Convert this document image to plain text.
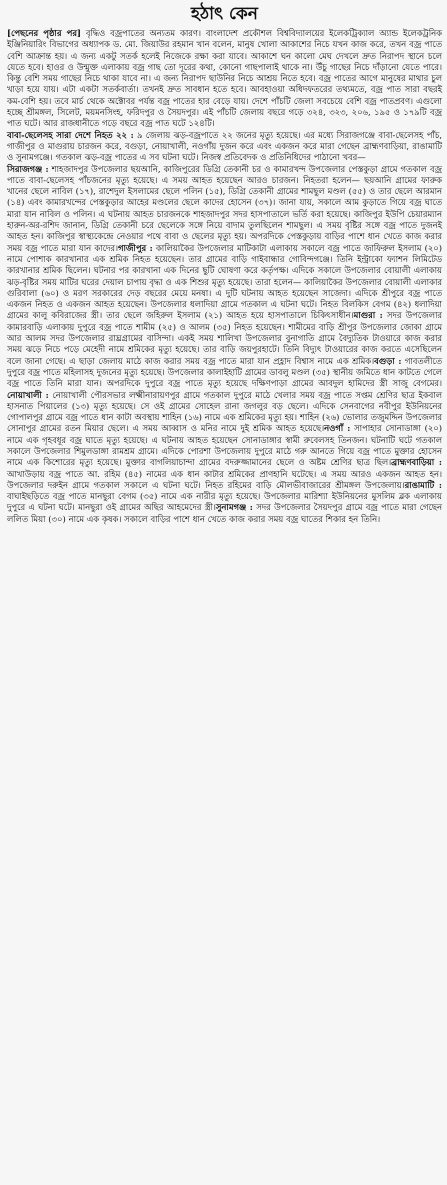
হঠাৎ কেন

[পেছনের পৃষ্ঠার পর] বৃদ্ধিও বজ্রপাতের অন্যতম কারণ। বাংলাদেশ প্রকৌশল বিশ্ববিদ্যালয়ের ইলেকট্রিক্যাল অ্যান্ড ইলেকট্রনিক ইঞ্জিনিয়ারিং বিভাগের অধ্যাপক ড. মো. জিয়াউর রহমান খান বলেন, মানুষ খোলা আকাশের নিচে যখন কাজ করে, তখন বজ্র পাতে বেশি আক্রান্ত হয়। এ জন্য একটু সতর্ক হলেই নিজেকে রক্ষা করা যাবে। আকাশে ঘন কালো মেঘ দেখলে দ্রুত নিরাপদ স্থানে চলে যেতে হবে। হাওর ও উন্মুক্ত এলাকায় বজ্র গাছ তো দূরের কথা, কোনো গাছপালাই থাকে না। উঁচু গাছের নিচে দাঁড়ানো যেতে পারে। কিন্তু বেশি সময় গাছের নিচে থাকা যাবে না। এ জন্য নিরাপদ ছাউনির নিচে আশ্রয় নিতে হবে। বজ্র পাতের আগে মানুষের মাথার চুল খাড়া হয়ে যায়। এটা একটা সতর্কবার্তা। তখনই দ্রুত সাবধান হতে হবে। আবহাওয়া অধিদফতরের তথ্যমতে, বজ্র পাত সারা বছরই কম-বেশি হয়। তবে মার্চ থেকে অক্টোবর পর্যন্ত বজ্র পাতের হার বেড়ে যায়। দেশে পাঁচটি জেলা সবচেয়ে বেশি বজ্র পাতপ্রবণ। এগুলো হচ্ছে শ্রীমঙ্গল, সিলেট, ময়মনসিংহ, ফরিদপুর ও সৈয়দপুর। এই পাঁচটি জেলায় বছরে গড়ে ৩২৪, ৩২৩, ২০৬, ১৯৫ ও ১৭৯টি বজ্র পাত ঘটে। আর রাজধানীতে গড়ে বছরে বজ্র পাত ঘটে ১২৪টি।

বাবা-ছেলেসহ সারা দেশে নিহত ২২ : ৯ জেলায় ঝড়-বজ্রপাতে ২২ জনের মৃত্যু হয়েছে। এর মধ্যে সিরাজগঞ্জে বাবা-ছেলেসহ পাঁচ, গাজীপুর ও মাগুরায় চারজন করে, বগুড়া, নোয়াখালী, নওগাঁয় দুজন করে এবং একজন করে মারা গেছেন ব্রাহ্মণবাড়িয়া, রাঙামাটি ও সুনামগঞ্জে। গতকাল ঝড়-বজ্র পাতের এ সব ঘটনা ঘটে। নিজস্ব প্রতিবেদক ও প্রতিনিধিদের পাঠানো খবর—

সিরাজগঞ্জ : শাহজাদপুর উপজেলার ছয়আনি, কাজিপুরের ডিগ্রি তেকানী চর ও কামারখন্দ উপজেলার পেস্তকুড়া গ্রামে গতকাল বজ্র পাতে বাবা-ছেলেসহ পাঁচজনের মৃত্যু হয়েছে। এ সময় আহত হয়েছেন আরও চারজন। নিহতরা হলেন— ছয়আনি গ্রামের ফারুক খানের ছেলে নাবিল (১৭), রাশেদুল ইসলামের ছেলে পলিন (১৫), ডিগ্রি তেকানী গ্রামের শামছুল মণ্ডল (৫৫) ও তার ছেলে আরমান (১৪) এবং কামারখন্দের পেস্তকুড়ার আহের মণ্ডলের ছেলে কাদের হোসেন (৩৭)। জানা যায়, সকালে আম কুড়াতে গিয়ে বজ্র ঘাতে মারা যান নাবিল ও পলিন। এ ঘটনায় আহত চারজনকে শাহজাদপুর সদর হাসপাতালে ভর্তি করা হয়েছে। কাজিপুর ইউপি চেয়ারম্যান হারুন-অর-রশিদ জানান, ডিগ্রি তেকানী চরে ছেলেকে সঙ্গে নিয়ে বাদাম তুলছিলেন শামছুল। এ সময় বৃষ্টির সঙ্গে বজ্র পাতে দুজনই আহত হন। কাজিপুর স্বাস্থ্যকেন্দ্রে নেওয়ার পথে বাবা ও ছেলের মৃত্যু হয়। অপরদিকে পেস্তকুড়ায় বাড়ির পাশে ধান খেতে কাজ করার সময় বজ্র পাতে মারা যান কাদের।গাজীপুর : কালিয়াকৈর উপজেলার মাটিকাটা এলাকায় সকালে বজ্র পাতে জাফিরুল ইসলাম (২০) নামে পোশাক কারখানার এক শ্রমিক নিহত হয়েছেন। তার গ্রামের বাড়ি গাইবান্ধার গোবিন্দগঞ্জে। তিনি ইন্ট্রাকো ফ্যাশন লিমিটেড কারখানার শ্রমিক ছিলেন। ঘটনার পর কারখানা এক দিনের ছুটি ঘোষণা করে কর্তৃপক্ষ। এদিকে সকালে উপজেলার বোয়ালী এলাকায় ঝড়-বৃষ্টির সময় মাটির ঘরের দেয়াল চাপায় বৃদ্ধা ও এক শিশুর মৃত্যু হয়েছে। তারা হলেন— কালিয়াকৈর উপজেলার বোয়ালী এলাকার গুরিবালা (৬০) ও মরণ সরকারের দেড় বছরের মেয়ে মনষা। এ দুটি ঘটনায় আহত হয়েছেন সাজেদা। এদিকে শ্রীপুরে বজ্র পাতে একজন নিহত ও একজন আহত হয়েছেন। উপজেলার ধলাদিয়া গ্রামে গতকাল এ ঘটনা ঘটে। নিহত বিলকিস বেগম (৪২) ধলাদিয়া গ্রামের কালু কবিরাজের স্ত্রী। তার ছেলে জহিরুল ইসলাম (২১) আহত হয়ে হাসপাতালে চিকিৎসাধীন।মাগুরা : সদর উপজেলার কামারবাড়ি এলাকায় দুপুরে বজ্র পাতে শামীম (২৫) ও আলম (৩৫) নিহত হয়েছেন। শামীমের বাড়ি শ্রীপুর উপজেলার জোকা গ্রামে আর আলম সদর উপজেলার রাঘ্রগ্রামের বাসিন্দা। একই সময় শালিখা উপজেলার বুনাগাতি গ্রামে বৈদ্যুতিক টাওয়ারে কাজ করার সময় ঝড়ে নিচে পড়ে মেহেদী নামে শ্রমিকের মৃত্যু হয়েছে। তার বাড়ি জয়পুরহাটে। তিনি বিদ্যুৎ টাওয়ারের কাজ করতে এসেছিলেন বলে জানা গেছে। এ ছাড়া জেলায় মাঠে কাজ করার সময় বজ্র পাতে মারা যান প্রহ্লাদ বিশ্বাস নামে এক শ্রমিক।বগুড়া : গাবতলীতে দুপুরে বজ্র পাতে মহিলাসহ দুজনের মৃত্যু হয়েছে। উপজেলার কালাইহাটি গ্রামের ডাবলু মণ্ডল (৩৫) স্থানীয় জমিতে ধান কাটতে গেলে বজ্র পাতে তিনি মারা যান। অপরদিকে দুপুরে বজ্র পাতে মৃত্যু হয়েছে দক্ষিণপাড়া গ্রামের আবদুল হামিদের স্ত্রী সাজু বেগমের।নোয়াখালী : নোয়াখালী পৌরসভার লক্ষ্মীনারায়ণপুর গ্রামে গতকাল দুপুরে মাঠে খেলার সময় বজ্র পাতে সপ্তম শ্রেণির ছাত্র ইকবাল হাসনাত পিয়ালের (১৩) মৃত্যু হয়েছে। সে ওই গ্রামের সোহেল রানা জগলুর বড় ছেলে। এদিকে সেনবাগের নবীপুর ইউনিয়নের গোপালপুর গ্রামে বজ্র পাতে ধান কাটা অবস্থায় শাহিন (১৬) নামে এক শ্রমিকের মৃত্যু হয়। শাহিন (২৬) ভোলার তজুমদ্দিন উপজেলার সোনাপুর গ্রামের রতন মিয়ার ছেলে। এ সময় আব্বাস ও মনির নামে দুই শ্রমিক আহত হয়েছে।নওগাঁ : সাপাহার সোনাডাঙ্গা (২০) নামে এক গৃহবধূর বজ্র ঘাতে মৃত্যু হয়েছে। এ ঘটনায় আহত হয়েছেন সোনাডাঙ্গার স্বামী রুবেলসহ তিনজন। ঘটনাটি ঘটে গতকাল সকালে উপজেলার শিমুলডাঙ্গা রামশ্রম গ্রামে। এদিকে পোরশা উপজেলায় দুপুরে মাঠে গরু আনতে গিয়ে বজ্র পাতে মুক্তার হোসেন নামে এক কিশোরের মৃত্যু হয়েছে। মুক্তার বাগলিয়াচান্দা গ্রামের বদরুজ্জামানের ছেলে ও অষ্টম শ্রেণির ছাত্র ছিল।ব্রাহ্মণবাড়িয়া : আখাউড়ায় বজ্র পাতে আ. রহিম (৪৫) নামের এক ধান কাটার শ্রমিকের প্রাণহানি ঘটেছে। এ সময় আরও একজন আহত হন। উপজেলার দরুইন গ্রামে গতকাল সকালে এ ঘটনা ঘটে। নিহত রহিমের বাড়ি মৌলভীবাজারের শ্রীমঙ্গল উপজেলায়।রাঙামাটি : বাঘাইছড়িতে বজ্র পাতে মানছুরা বেগম (৩৫) নামে এক নারীর মৃত্যু হয়েছে। উপজেলার মারিশ্যা ইউনিয়নের মুসলিম ব্লক এলাকায় দুপুরে এ ঘটনা ঘটে। মানছুরা ওই গ্রামের অছির আহমেদের স্ত্রী।সুনামগঞ্জ : সদর উপজেলার সৈয়দপুর গ্রামে বজ্র পাতে মারা গেছেন ললিত মিয়া (৩০) নামে এক কৃষক। সকালে বাড়ির পাশে ধান খেতে কাজ করার সময় বজ্র ঘাতের শিকার হন তিনি।
